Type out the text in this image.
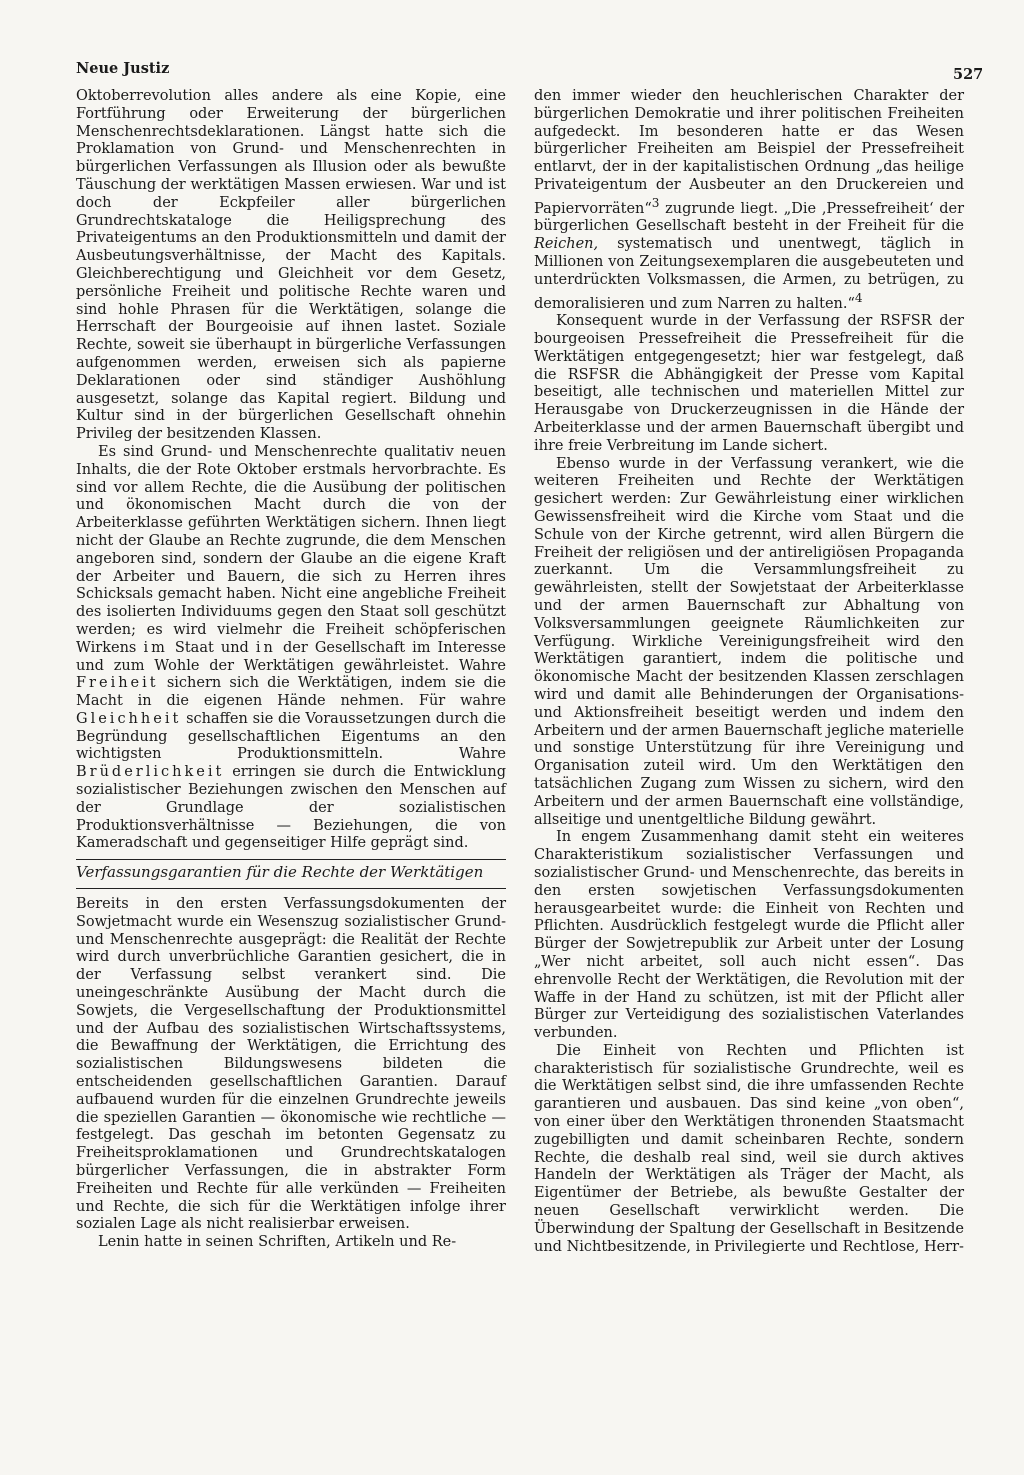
Neue Justiz	527

Oktoberrevolution alles andere als eine Kopie, eine Fortführung oder Erweiterung der bürgerlichen Menschenrechtsdeklarationen. Längst hatte sich die Proklamation von Grund- und Menschenrechten in bürgerlichen Verfassungen als Illusion oder als bewußte Täuschung der werktätigen Massen erwiesen. War und ist doch der Eckpfeiler aller bürgerlichen Grundrechtskataloge die Heiligsprechung des Privateigentums an den Produktionsmitteln und damit der Ausbeutungsverhältnisse, der Macht des Kapitals. Gleichberechtigung und Gleichheit vor dem Gesetz, persönliche Freiheit und politische Rechte waren und sind hohle Phrasen für die Werktätigen, solange die Herrschaft der Bourgeoisie auf ihnen lastet. Soziale Rechte, soweit sie überhaupt in bürgerliche Verfassungen aufgenommen werden, erweisen sich als papierne Deklarationen oder sind ständiger Aushöhlung ausgesetzt, solange das Kapital regiert. Bildung und Kultur sind in der bürgerlichen Gesellschaft ohnehin Privileg der besitzenden Klassen.

Es sind Grund- und Menschenrechte qualitativ neuen Inhalts, die der Rote Oktober erstmals hervorbrachte. Es sind vor allem Rechte, die die Ausübung der politischen und ökonomischen Macht durch die von der Arbeiterklasse geführten Werktätigen sichern. Ihnen liegt nicht der Glaube an Rechte zugrunde, die dem Menschen angeboren sind, sondern der Glaube an die eigene Kraft der Arbeiter und Bauern, die sich zu Herren ihres Schicksals gemacht haben. Nicht eine angebliche Freiheit des isolierten Individuums gegen den Staat soll geschützt werden; es wird vielmehr die Freiheit schöpferischen Wirkens im Staat und in der Gesellschaft im Interesse und zum Wohle der Werktätigen gewährleistet. Wahre Freiheit sichern sich die Werktätigen, indem sie die Macht in die eigenen Hände nehmen. Für wahre Gleichheit schaffen sie die Voraussetzungen durch die Begründung gesellschaftlichen Eigentums an den wichtigsten Produktionsmitteln. Wahre Brüderlichkeit erringen sie durch die Entwicklung sozialistischer Beziehungen zwischen den Menschen auf der Grundlage der sozialistischen Produktionsverhältnisse — Beziehungen, die von Kameradschaft und gegenseitiger Hilfe geprägt sind.

Verfassungsgarantien für die Rechte der Werktätigen

Bereits in den ersten Verfassungsdokumenten der Sowjetmacht wurde ein Wesenszug sozialistischer Grund- und Menschenrechte ausgeprägt: die Realität der Rechte wird durch unverbrüchliche Garantien gesichert, die in der Verfassung selbst verankert sind. Die uneingeschränkte Ausübung der Macht durch die Sowjets, die Vergesellschaftung der Produktionsmittel und der Aufbau des sozialistischen Wirtschaftssystems, die Bewaffnung der Werktätigen, die Errichtung des sozialistischen Bildungswesens bildeten die entscheidenden gesellschaftlichen Garantien. Darauf aufbauend wurden für die einzelnen Grundrechte jeweils die speziellen Garantien — ökonomische wie rechtliche — festgelegt. Das geschah im betonten Gegensatz zu Freiheitsproklamationen und Grundrechtskatalogen bürgerlicher Verfassungen, die in abstrakter Form Freiheiten und Rechte für alle verkünden — Freiheiten und Rechte, die sich für die Werktätigen infolge ihrer sozialen Lage als nicht realisierbar erweisen.

Lenin hatte in seinen Schriften, Artikeln und Re-

den immer wieder den heuchlerischen Charakter der bürgerlichen Demokratie und ihrer politischen Freiheiten aufgedeckt. Im besonderen hatte er das Wesen bürgerlicher Freiheiten am Beispiel der Pressefreiheit entlarvt, der in der kapitalistischen Ordnung „das heilige Privateigentum der Ausbeuter an den Druckereien und Papiervorräten“$^3$ zugrunde liegt. „Die ‚Pressefreiheit‘ der bürgerlichen Gesellschaft besteht in der Freiheit für die Reichen, systematisch und unentwegt, täglich in Millionen von Zeitungsexemplaren die ausgebeuteten und unterdrückten Volksmassen, die Armen, zu betrügen, zu demoralisieren und zum Narren zu halten.“$^4$

Konsequent wurde in der Verfassung der RSFSR der bourgeoisen Pressefreiheit die Pressefreiheit für die Werktätigen entgegengesetzt; hier war festgelegt, daß die RSFSR die Abhängigkeit der Presse vom Kapital beseitigt, alle technischen und materiellen Mittel zur Herausgabe von Druckerzeugnissen in die Hände der Arbeiterklasse und der armen Bauernschaft übergibt und ihre freie Verbreitung im Lande sichert.

Ebenso wurde in der Verfassung verankert, wie die weiteren Freiheiten und Rechte der Werktätigen gesichert werden: Zur Gewährleistung einer wirklichen Gewissensfreiheit wird die Kirche vom Staat und die Schule von der Kirche getrennt, wird allen Bürgern die Freiheit der religiösen und der antireligiösen Propaganda zuerkannt. Um die Versammlungsfreiheit zu gewährleisten, stellt der Sowjetstaat der Arbeiterklasse und der armen Bauernschaft zur Abhaltung von Volksversammlungen geeignete Räumlichkeiten zur Verfügung. Wirkliche Vereinigungsfreiheit wird den Werktätigen garantiert, indem die politische und ökonomische Macht der besitzenden Klassen zerschlagen wird und damit alle Behinderungen der Organisations- und Aktionsfreiheit beseitigt werden und indem den Arbeitern und der armen Bauernschaft jegliche materielle und sonstige Unterstützung für ihre Vereinigung und Organisation zuteil wird. Um den Werktätigen den tatsächlichen Zugang zum Wissen zu sichern, wird den Arbeitern und der armen Bauernschaft eine vollständige, allseitige und unentgeltliche Bildung gewährt.

In engem Zusammenhang damit steht ein weiteres Charakteristikum sozialistischer Verfassungen und sozialistischer Grund- und Menschenrechte, das bereits in den ersten sowjetischen Verfassungsdokumenten herausgearbeitet wurde: die Einheit von Rechten und Pflichten. Ausdrücklich festgelegt wurde die Pflicht aller Bürger der Sowjetrepublik zur Arbeit unter der Losung „Wer nicht arbeitet, soll auch nicht essen“. Das ehrenvolle Recht der Werktätigen, die Revolution mit der Waffe in der Hand zu schützen, ist mit der Pflicht aller Bürger zur Verteidigung des sozialistischen Vaterlandes verbunden.

Die Einheit von Rechten und Pflichten ist charakteristisch für sozialistische Grundrechte, weil es die Werktätigen selbst sind, die ihre umfassenden Rechte garantieren und ausbauen. Das sind keine „von oben“, von einer über den Werktätigen thronenden Staatsmacht zugebilligten und damit scheinbaren Rechte, sondern Rechte, die deshalb real sind, weil sie durch aktives Handeln der Werktätigen als Träger der Macht, als Eigentümer der Betriebe, als bewußte Gestalter der neuen Gesellschaft verwirklicht werden. Die Überwindung der Spaltung der Gesellschaft in Besitzende und Nichtbesitzende, in Privilegierte und Rechtlose, Herr-
